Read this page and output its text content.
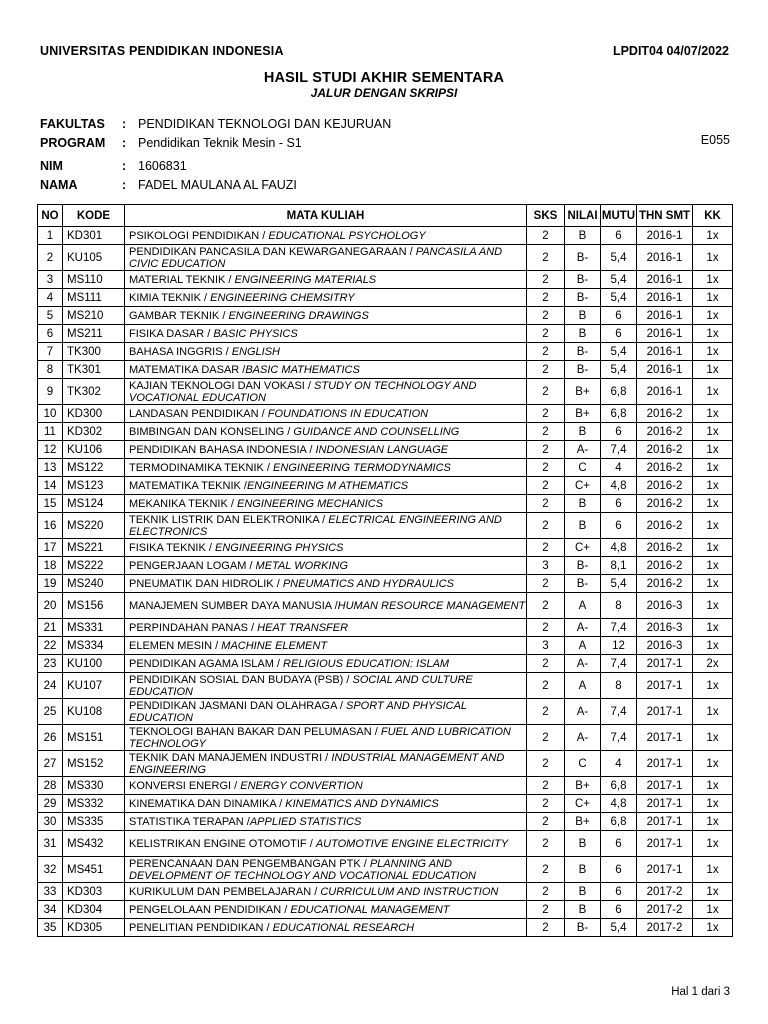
UNIVERSITAS PENDIDIKAN INDONESIA	LPDIT04 04/07/2022
HASIL STUDI AKHIR SEMENTARA
JALUR DENGAN SKRIPSI
FAKULTAS : PENDIDIKAN TEKNOLOGI DAN KEJURUAN
PROGRAM : Pendidikan Teknik Mesin - S1	E055
NIM	: 1606831
NAMA	: FADEL MAULANA AL FAUZI
NO	KODE	MATA KULIAH	SKS	NILAI	MUTU	THN SMT	KK
1	KD301	PSIKOLOGI PENDIDIKAN / EDUCATIONAL PSYCHOLOGY	2	B	6	2016-1	1x
2	KU105	PENDIDIKAN PANCASILA DAN KEWARGANEGARAAN / PANCASILA AND CIVIC EDUCATION	2	B-	5,4	2016-1	1x
3	MS110	MATERIAL TEKNIK / ENGINEERING MATERIALS	2	B-	5,4	2016-1	1x
4	MS111	KIMIA TEKNIK / ENGINEERING CHEMSITRY	2	B-	5,4	2016-1	1x
5	MS210	GAMBAR TEKNIK / ENGINEERING DRAWINGS	2	B	6	2016-1	1x
6	MS211	FISIKA DASAR / BASIC PHYSICS	2	B	6	2016-1	1x
7	TK300	BAHASA INGGRIS / ENGLISH	2	B-	5,4	2016-1	1x
8	TK301	MATEMATIKA DASAR /BASIC MATHEMATICS	2	B-	5,4	2016-1	1x
9	TK302	KAJIAN TEKNOLOGI DAN VOKASI / STUDY ON TECHNOLOGY AND VOCATIONAL EDUCATION	2	B+	6,8	2016-1	1x
10	KD300	LANDASAN PENDIDIKAN / FOUNDATIONS IN EDUCATION	2	B+	6,8	2016-2	1x
11	KD302	BIMBINGAN DAN KONSELING / GUIDANCE AND COUNSELLING	2	B	6	2016-2	1x
12	KU106	PENDIDIKAN BAHASA INDONESIA / INDONESIAN LANGUAGE	2	A-	7,4	2016-2	1x
13	MS122	TERMODINAMIKA TEKNIK / ENGINEERING TERMODYNAMICS	2	C	4	2016-2	1x
14	MS123	MATEMATIKA TEKNIK /ENGINEERING M ATHEMATICS	2	C+	4,8	2016-2	1x
15	MS124	MEKANIKA TEKNIK / ENGINEERING MECHANICS	2	B	6	2016-2	1x
16	MS220	TEKNIK LISTRIK DAN ELEKTRONIKA / ELECTRICAL ENGINEERING AND ELECTRONICS	2	B	6	2016-2	1x
17	MS221	FISIKA TEKNIK / ENGINEERING PHYSICS	2	C+	4,8	2016-2	1x
18	MS222	PENGERJAAN LOGAM / METAL WORKING	3	B-	8,1	2016-2	1x
19	MS240	PNEUMATIK DAN HIDROLIK / PNEUMATICS AND HYDRAULICS	2	B-	5,4	2016-2	1x
20	MS156	MANAJEMEN SUMBER DAYA MANUSIA /HUMAN RESOURCE MANAGEMENT	2	A	8	2016-3	1x
21	MS331	PERPINDAHAN PANAS / HEAT TRANSFER	2	A-	7,4	2016-3	1x
22	MS334	ELEMEN MESIN / MACHINE ELEMENT	3	A	12	2016-3	1x
23	KU100	PENDIDIKAN AGAMA ISLAM / RELIGIOUS EDUCATION: ISLAM	2	A-	7,4	2017-1	2x
24	KU107	PENDIDIKAN SOSIAL DAN BUDAYA (PSB) / SOCIAL AND CULTURE EDUCATION	2	A	8	2017-1	1x
25	KU108	PENDIDIKAN JASMANI DAN OLAHRAGA / SPORT AND PHYSICAL EDUCATION	2	A-	7,4	2017-1	1x
26	MS151	TEKNOLOGI BAHAN BAKAR DAN PELUMASAN / FUEL AND LUBRICATION TECHNOLOGY	2	A-	7,4	2017-1	1x
27	MS152	TEKNIK DAN MANAJEMEN INDUSTRI / INDUSTRIAL MANAGEMENT AND ENGINEERING	2	C	4	2017-1	1x
28	MS330	KONVERSI ENERGI / ENERGY CONVERTION	2	B+	6,8	2017-1	1x
29	MS332	KINEMATIKA DAN DINAMIKA / KINEMATICS AND DYNAMICS	2	C+	4,8	2017-1	1x
30	MS335	STATISTIKA TERAPAN /APPLIED STATISTICS	2	B+	6,8	2017-1	1x
31	MS432	KELISTRIKAN ENGINE OTOMOTIF / AUTOMOTIVE ENGINE ELECTRICITY	2	B	6	2017-1	1x
32	MS451	PERENCANAAN DAN PENGEMBANGAN PTK / PLANNING AND DEVELOPMENT OF TECHNOLOGY AND VOCATIONAL EDUCATION	2	B	6	2017-1	1x
33	KD303	KURIKULUM DAN PEMBELAJARAN / CURRICULUM AND INSTRUCTION	2	B	6	2017-2	1x
34	KD304	PENGELOLAAN PENDIDIKAN / EDUCATIONAL MANAGEMENT	2	B	6	2017-2	1x
35	KD305	PENELITIAN PENDIDIKAN / EDUCATIONAL RESEARCH	2	B-	5,4	2017-2	1x
Hal 1 dari 3
